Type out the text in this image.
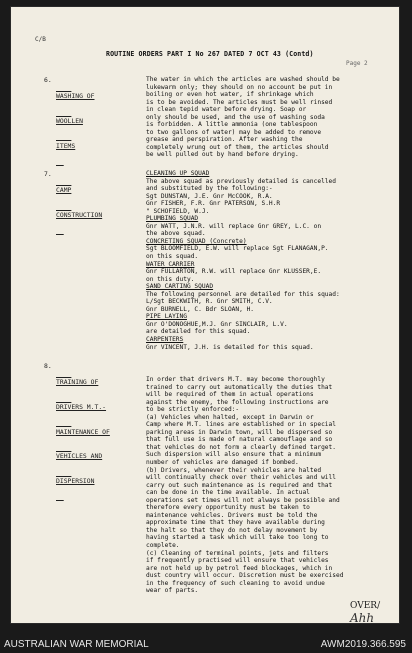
C/B
ROUTINE ORDERS PART I No 267 DATED 7 OCT 43 (Contd)
Page 2
6.

WASHING OF

WOOLLEN

ITEMS

The water in which the articles are washed should be
lukewarm only; they should on no account be put in
boiling or even hot water, if shrinkage which
is to be avoided. The articles must be well rinsed
in clean tepid water before drying. Soap or
only should be used, and the use of washing soda
is forbidden. A little ammonia (one tablespoon
to two gallons of water) may be added to remove
grease and perspiration. After washing the
completely wrung out of them, the articles should
be well pulled out by hand before drying.
7.

CAMP

CONSTRUCTION

CLEANING UP SQUAD
The above squad as previously detailed is cancelled
and substituted by the following:-
Sgt DUNSTAN, J.E. Gnr McCOOK, R.A.
Gnr FISHER, F.R. Gnr PATERSON, S.H.R
" SCHOFIELD, W.J.
PLUMBING SQUAD
Gnr WATT, J.N.R. will replace Gnr GREY, L.C. on
the above squad.
CONCRETING SQUAD (Concrete)
Sgt BLOOMFIELD, E.W. will replace Sgt FLANAGAN,P.
on this squad.
WATER CARRIER
Gnr FULLARTON, R.W. will replace Gnr KLUSSER,E.
on this duty.
SAND CARTING SQUAD
The following personnel are detailed for this squad:
L/Sgt BECKWITH, R. Gnr SMITH, C.V.
Gnr BURNELL, C. Bdr SLOAN, H.
PIPE LAYING
Gnr O'DONOGHUE,M.J. Gnr SINCLAIR, L.V.
are detailed for this squad.
CARPENTERS
Gnr VINCENT, J.H. is detailed for this squad.
8.

TRAINING OF

DRIVERS M.T.-

MAINTENANCE OF

VEHICLES AND

DISPERSION

In order that drivers M.T. may become thoroughly
trained to carry out automatically the duties that
will be required of them in actual operations
against the enemy, the following instructions are
to be strictly enforced:-
(a) Vehicles when halted, except in Darwin or
Camp where M.T. lines are established or in special
parking areas in Darwin town, will be dispersed so
that full use is made of natural camouflage and so
that vehicles do not form a clearly defined target.
Such dispersion will also ensure that a minimum
number of vehicles are damaged if bombed.
(b) Drivers, whenever their vehicles are halted
will continually check over their vehicles and will
carry out such maintenance as is required and that
can be done in the time available. In actual
operations set times will not always be possible and
therefore every opportunity must be taken to
maintenance vehicles. Drivers must be told the
approximate time that they have available during
the halt so that they do not delay movement by
having started a task which will take too long to
complete.
(c) Cleaning of terminal points, jets and filters
if frequently practised will ensure that vehicles
are not held up by petrol feed blockages, which in
dust country will occur. Discretion must be exercised
in the frequency of such cleaning to avoid undue
wear of parts.
OVER/ Ahh
AUSTRALIAN WAR MEMORIAL	AWM2019.366.595
